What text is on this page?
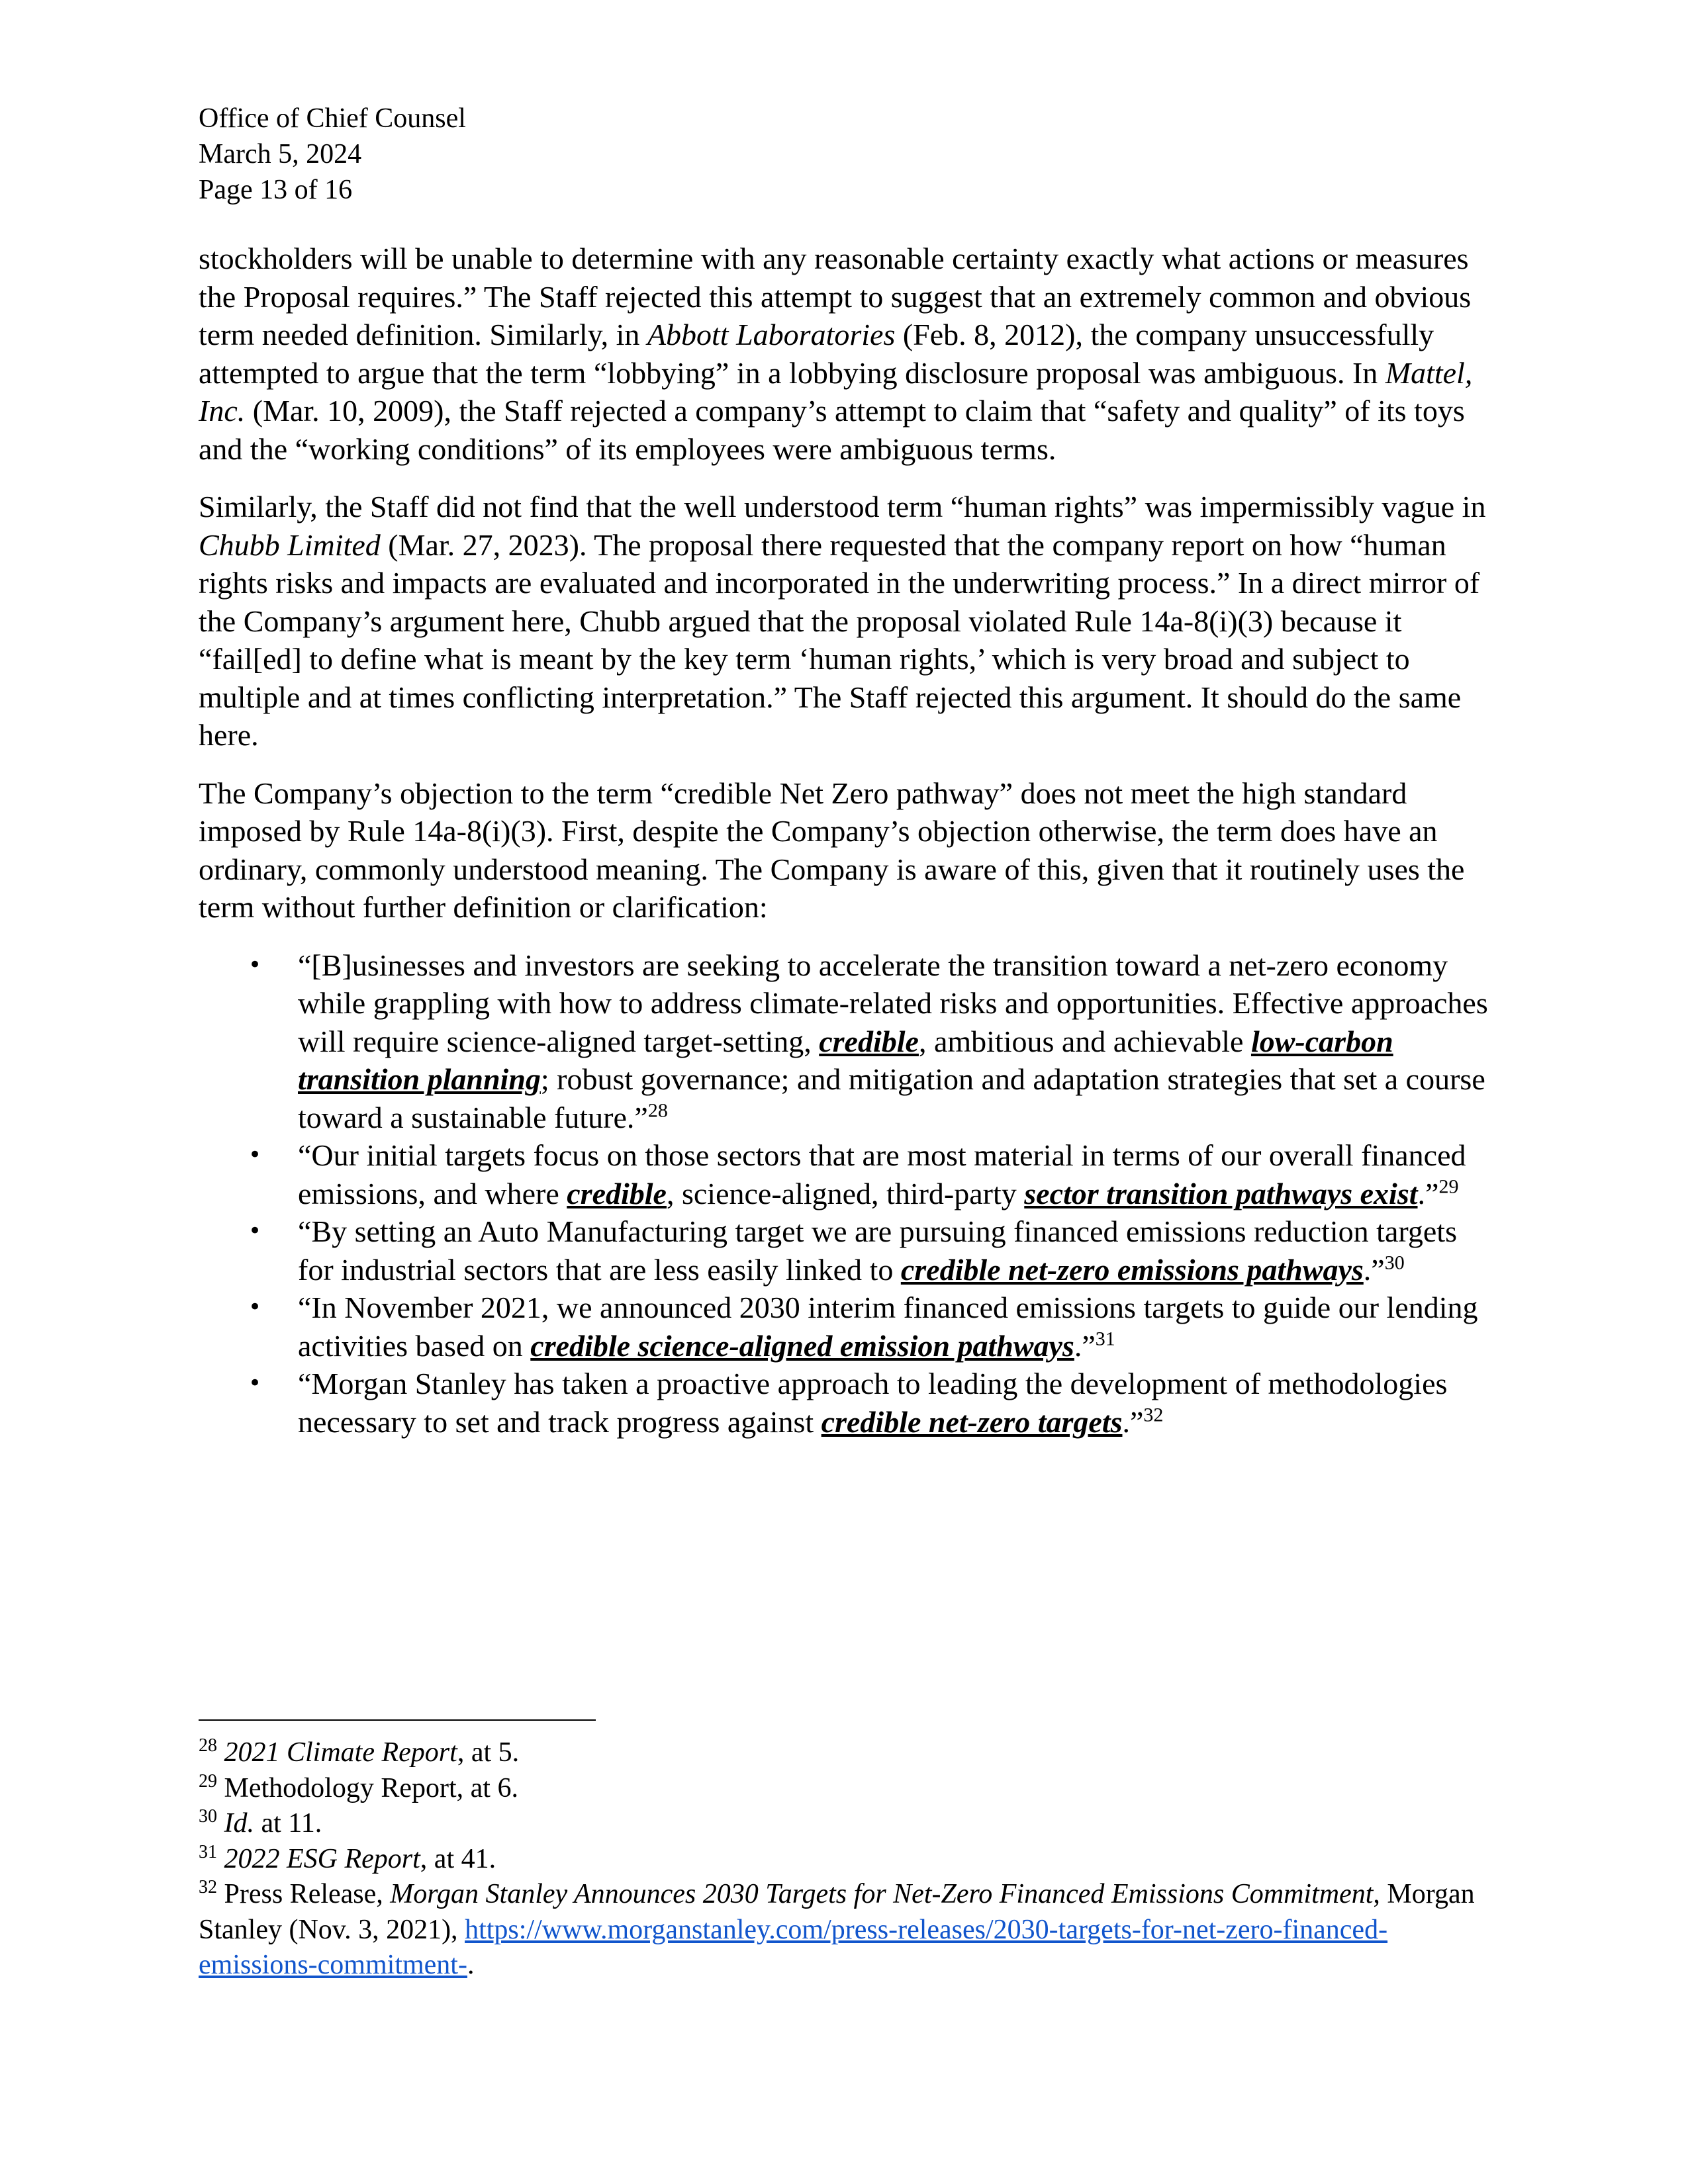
Office of Chief Counsel
March 5, 2024
Page 13 of 16

stockholders will be unable to determine with any reasonable certainty exactly what actions or measures the Proposal requires.” The Staff rejected this attempt to suggest that an extremely common and obvious term needed definition. Similarly, in Abbott Laboratories (Feb. 8, 2012), the company unsuccessfully attempted to argue that the term “lobbying” in a lobbying disclosure proposal was ambiguous. In Mattel, Inc. (Mar. 10, 2009), the Staff rejected a company’s attempt to claim that “safety and quality” of its toys and the “working conditions” of its employees were ambiguous terms.

Similarly, the Staff did not find that the well understood term “human rights” was impermissibly vague in Chubb Limited (Mar. 27, 2023). The proposal there requested that the company report on how “human rights risks and impacts are evaluated and incorporated in the underwriting process.” In a direct mirror of the Company’s argument here, Chubb argued that the proposal violated Rule 14a-8(i)(3) because it “fail[ed] to define what is meant by the key term ‘human rights,’ which is very broad and subject to multiple and at times conflicting interpretation.” The Staff rejected this argument. It should do the same here.

The Company’s objection to the term “credible Net Zero pathway” does not meet the high standard imposed by Rule 14a-8(i)(3). First, despite the Company’s objection otherwise, the term does have an ordinary, commonly understood meaning. The Company is aware of this, given that it routinely uses the term without further definition or clarification:

• “[B]usinesses and investors are seeking to accelerate the transition toward a net-zero economy while grappling with how to address climate-related risks and opportunities. Effective approaches will require science-aligned target-setting, credible, ambitious and achievable low-carbon transition planning; robust governance; and mitigation and adaptation strategies that set a course toward a sustainable future.”$^{28}$
• “Our initial targets focus on those sectors that are most material in terms of our overall financed emissions, and where credible, science-aligned, third-party sector transition pathways exist.”$^{29}$
• “By setting an Auto Manufacturing target we are pursuing financed emissions reduction targets for industrial sectors that are less easily linked to credible net-zero emissions pathways.”$^{30}$
• “In November 2021, we announced 2030 interim financed emissions targets to guide our lending activities based on credible science-aligned emission pathways.”$^{31}$
• “Morgan Stanley has taken a proactive approach to leading the development of methodologies necessary to set and track progress against credible net-zero targets.”$^{32}$
$^{28}$ 2021 Climate Report, at 5.
$^{29}$ Methodology Report, at 6.
$^{30}$ Id. at 11.
$^{31}$ 2022 ESG Report, at 41.
$^{32}$ Press Release, Morgan Stanley Announces 2030 Targets for Net-Zero Financed Emissions Commitment, Morgan Stanley (Nov. 3, 2021), https://www.morganstanley.com/press-releases/2030-targets-for-net-zero-financed-emissions-commitment-.
